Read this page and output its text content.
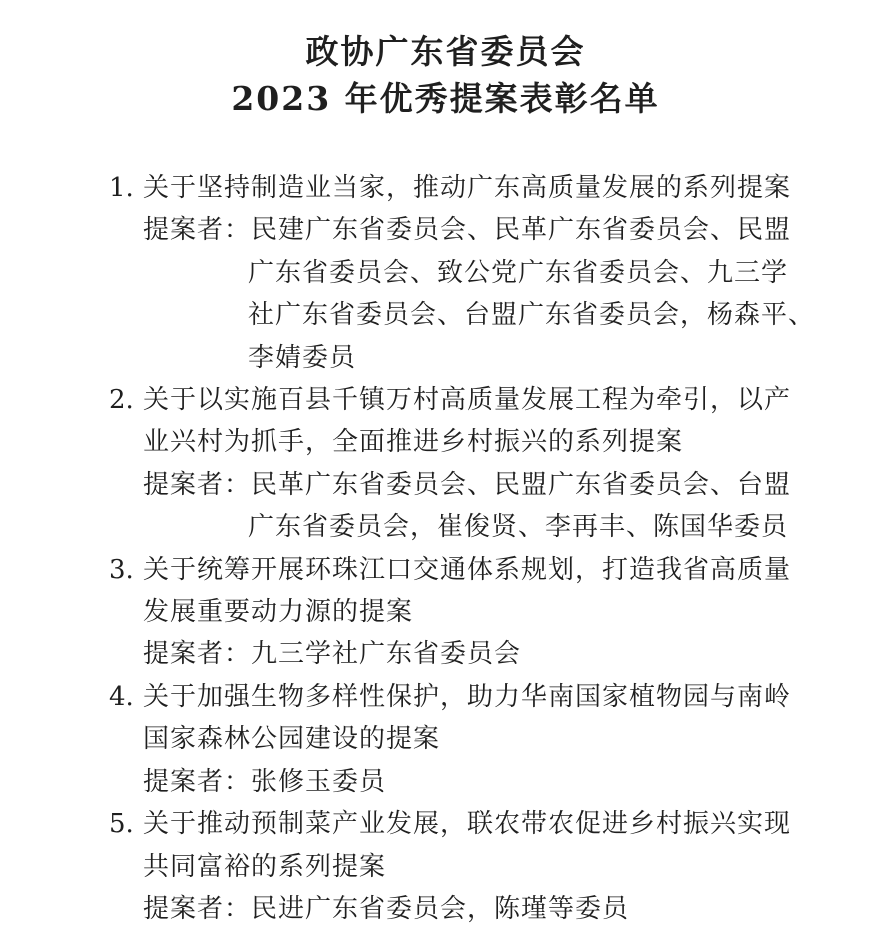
政协广东省委员会
2023 年优秀提案表彰名单
1. 关于坚持制造业当家，推动广东高质量发展的系列提案
提案者：民建广东省委员会、民革广东省委员会、民盟
广东省委员会、致公党广东省委员会、九三学
社广东省委员会、台盟广东省委员会，杨森平、
李婧委员
2. 关于以实施百县千镇万村高质量发展工程为牵引，以产
业兴村为抓手，全面推进乡村振兴的系列提案
提案者：民革广东省委员会、民盟广东省委员会、台盟
广东省委员会，崔俊贤、李再丰、陈国华委员
3. 关于统筹开展环珠江口交通体系规划，打造我省高质量
发展重要动力源的提案
提案者：九三学社广东省委员会
4. 关于加强生物多样性保护，助力华南国家植物园与南岭
国家森林公园建设的提案
提案者：张修玉委员
5. 关于推动预制菜产业发展，联农带农促进乡村振兴实现
共同富裕的系列提案
提案者：民进广东省委员会，陈瑾等委员
